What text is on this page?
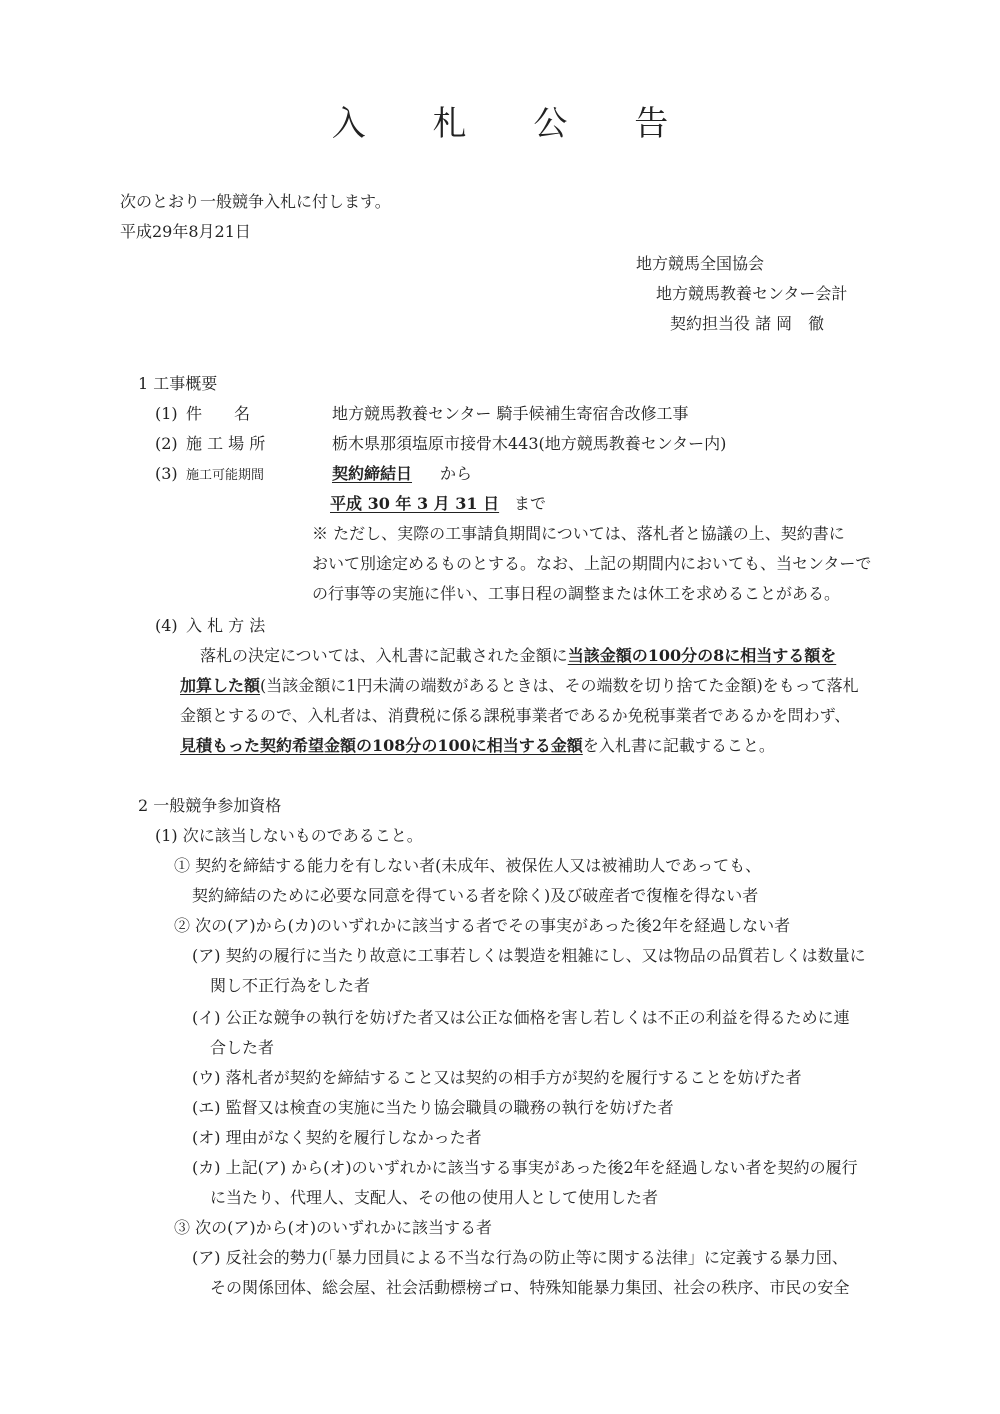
入 札 公 告
次のとおり一般競争入札に付します。
平成29年8月21日
地方競馬全国協会
地方競馬教養センター会計
契約担当役 諸 岡　徹
1 工事概要
(1) 件　　名	地方競馬教養センター 騎手候補生寄宿舎改修工事
(2) 施 工 場 所	栃木県那須塩原市接骨木443(地方競馬教養センター内)
(3) 施工可能期間	契約締結日 から
平成 30 年 3 月 31 日 まで
※ ただし、実際の工事請負期間については、落札者と協議の上、契約書に
おいて別途定めるものとする。なお、上記の期間内においても、当センターで
の行事等の実施に伴い、工事日程の調整または休工を求めることがある。
(4) 入 札 方 法
落札の決定については、入札書に記載された金額に当該金額の100分の8に相当する額を
加算した額(当該金額に1円未満の端数があるときは、その端数を切り捨てた金額)をもって落札
金額とするので、入札者は、消費税に係る課税事業者であるか免税事業者であるかを問わず、
見積もった契約希望金額の108分の100に相当する金額を入札書に記載すること。
2 一般競争参加資格
(1) 次に該当しないものであること。
① 契約を締結する能力を有しない者(未成年、被保佐人又は被補助人であっても、
契約締結のために必要な同意を得ている者を除く)及び破産者で復権を得ない者
② 次の(ア)から(カ)のいずれかに該当する者でその事実があった後2年を経過しない者
(ア) 契約の履行に当たり故意に工事若しくは製造を粗雑にし、又は物品の品質若しくは数量に
関し不正行為をした者
(イ) 公正な競争の執行を妨げた者又は公正な価格を害し若しくは不正の利益を得るために連
合した者
(ウ) 落札者が契約を締結すること又は契約の相手方が契約を履行することを妨げた者
(エ) 監督又は検査の実施に当たり協会職員の職務の執行を妨げた者
(オ) 理由がなく契約を履行しなかった者
(カ) 上記(ア) から(オ)のいずれかに該当する事実があった後2年を経過しない者を契約の履行
に当たり、代理人、支配人、その他の使用人として使用した者
③ 次の(ア)から(オ)のいずれかに該当する者
(ア) 反社会的勢力(「暴力団員による不当な行為の防止等に関する法律」に定義する暴力団、
その関係団体、総会屋、社会活動標榜ゴロ、特殊知能暴力集団、社会の秩序、市民の安全
